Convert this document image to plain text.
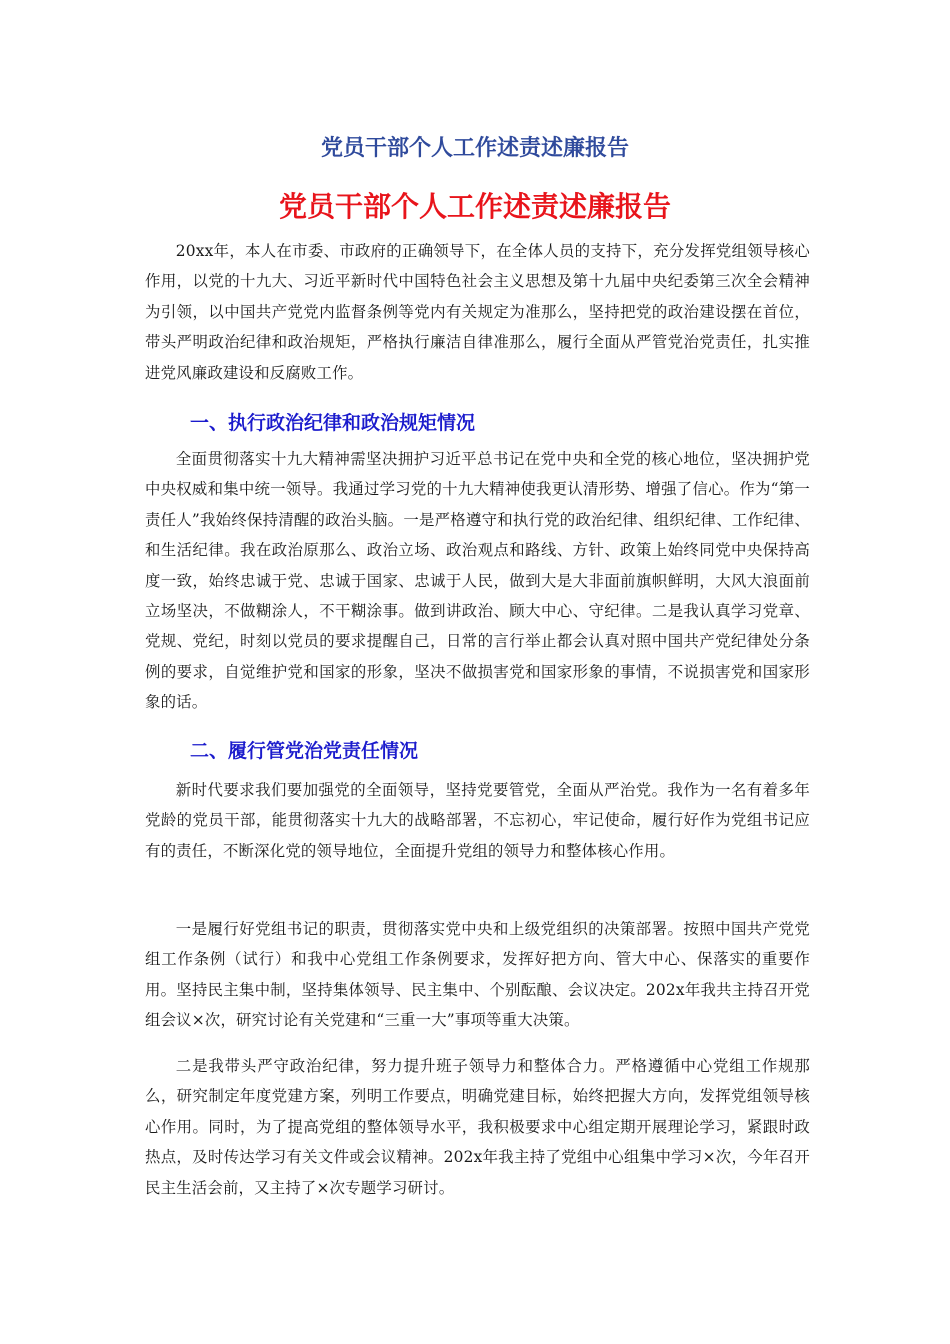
党员干部个人工作述责述廉报告
党员干部个人工作述责述廉报告

20xx年，本人在市委、市政府的正确领导下，在全体人员的支持下，充分发挥党组领导核心作用，以党的十九大、习近平新时代中国特色社会主义思想及第十九届中央纪委第三次全会精神为引领，以中国共产党党内监督条例等党内有关规定为准那么，坚持把党的政治建设摆在首位，带头严明政治纪律和政治规矩，严格执行廉洁自律准那么，履行全面从严管党治党责任，扎实推进党风廉政建设和反腐败工作。

一、执行政治纪律和政治规矩情况

全面贯彻落实十九大精神需坚决拥护习近平总书记在党中央和全党的核心地位，坚决拥护党中央权威和集中统一领导。我通过学习党的十九大精神使我更认清形势、增强了信心。作为“第一责任人”我始终保持清醒的政治头脑。一是严格遵守和执行党的政治纪律、组织纪律、工作纪律、和生活纪律。我在政治原那么、政治立场、政治观点和路线、方针、政策上始终同党中央保持高度一致，始终忠诚于党、忠诚于国家、忠诚于人民，做到大是大非面前旗帜鲜明，大风大浪面前立场坚决，不做糊涂人，不干糊涂事。做到讲政治、顾大中心、守纪律。二是我认真学习党章、党规、党纪，时刻以党员的要求提醒自己，日常的言行举止都会认真对照中国共产党纪律处分条例的要求，自觉维护党和国家的形象，坚决不做损害党和国家形象的事情，不说损害党和国家形象的话。

二、履行管党治党责任情况

新时代要求我们要加强党的全面领导，坚持党要管党，全面从严治党。我作为一名有着多年党龄的党员干部，能贯彻落实十九大的战略部署，不忘初心，牢记使命，履行好作为党组书记应有的责任，不断深化党的领导地位，全面提升党组的领导力和整体核心作用。

一是履行好党组书记的职责，贯彻落实党中央和上级党组织的决策部署。按照中国共产党党组工作条例（试行）和我中心党组工作条例要求，发挥好把方向、管大中心、保落实的重要作用。坚持民主集中制，坚持集体领导、民主集中、个别酝酿、会议决定。202x年我共主持召开党组会议×次，研究讨论有关党建和“三重一大”事项等重大决策。

二是我带头严守政治纪律，努力提升班子领导力和整体合力。严格遵循中心党组工作规那么，研究制定年度党建方案，列明工作要点，明确党建目标，始终把握大方向，发挥党组领导核心作用。同时，为了提高党组的整体领导水平，我积极要求中心组定期开展理论学习，紧跟时政热点，及时传达学习有关文件或会议精神。202x年我主持了党组中心组集中学习×次，今年召开民主生活会前，又主持了×次专题学习研讨。
